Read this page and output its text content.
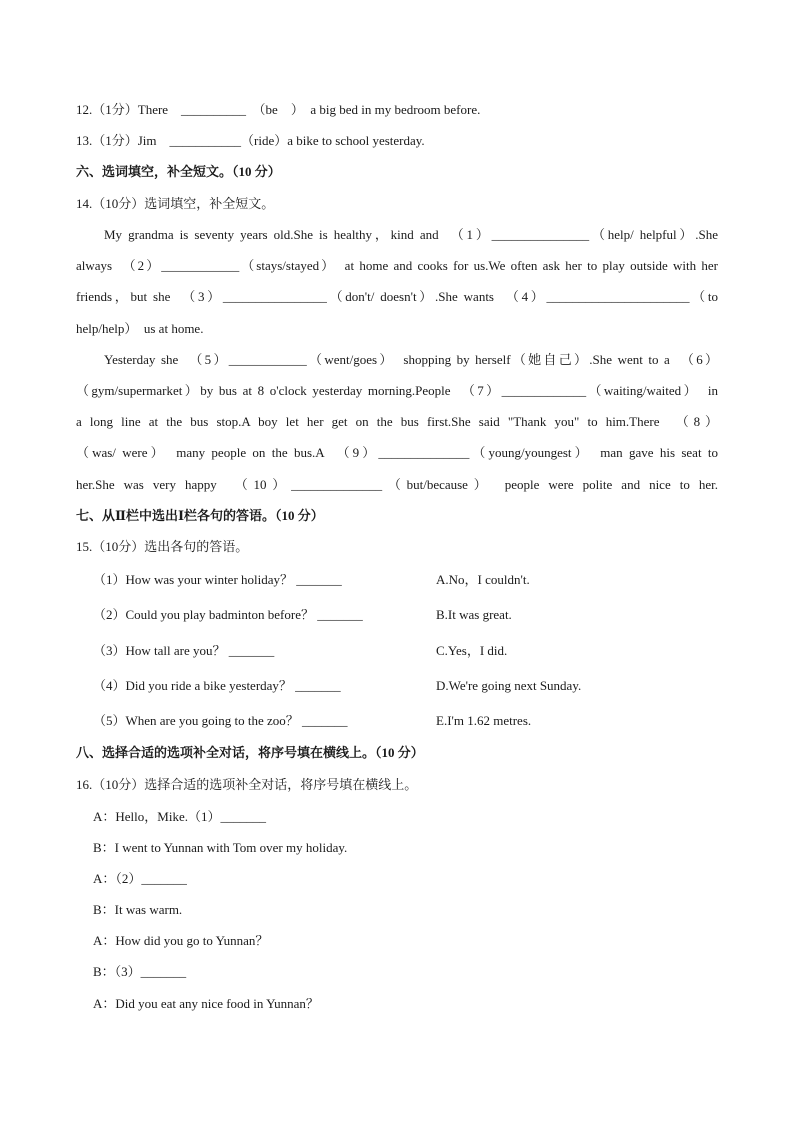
12.（1分）There　__________　（be　）　a big bed in my bedroom before.
13.（1分）Jim　___________（ride）a bike to school yesterday.
六、选词填空，补全短文。（10 分）
14.（10分）选词填空，补全短文。
My grandma is seventy years old.She is healthy，kind and　（1）_______________（help/ helpful）.She
always　（2）____________（stays/stayed）　at home and cooks for us.We often ask her to play outside with her
friends，but she　（3）________________（don't/ doesn't）.She wants　（4）______________________（to
help/help）　us at home.
Yesterday she　（5）____________（went/goes）　shopping by herself（她自己）.She went to a　（6）
（gym/supermarket）by bus at 8 o'clock yesterday morning.People　（7）_____________（waiting/waited）　in
a long line at the bus stop.A boy let her get on the bus first.She said "Thank you" to him.There　（8）
（was/ were）　many people on the bus.A　（9）______________（young/youngest）　man gave his seat to
her.She was very happy　（10）______________（but/because）　people were polite and nice to her.
七、从Ⅱ栏中选出Ⅰ栏各句的答语。（10 分）
15.（10分）选出各句的答语。
（1）How was your winter holiday？ _______	A.No，I couldn't.
（2）Could you play badminton before？ _______	B.It was great.
（3）How tall are you？ _______	C.Yes，I did.
（4）Did you ride a bike yesterday？ _______	D.We're going next Sunday.
（5）When are you going to the zoo？ _______	E.I'm 1.62 metres.
八、选择合适的选项补全对话，将序号填在横线上。（10 分）
16.（10分）选择合适的选项补全对话，将序号填在横线上。
A：Hello，Mike.（1）_______
B：I went to Yunnan with Tom over my holiday.
A：（2）_______
B：It was warm.
A：How did you go to Yunnan？
B：（3）_______
A：Did you eat any nice food in Yunnan？
